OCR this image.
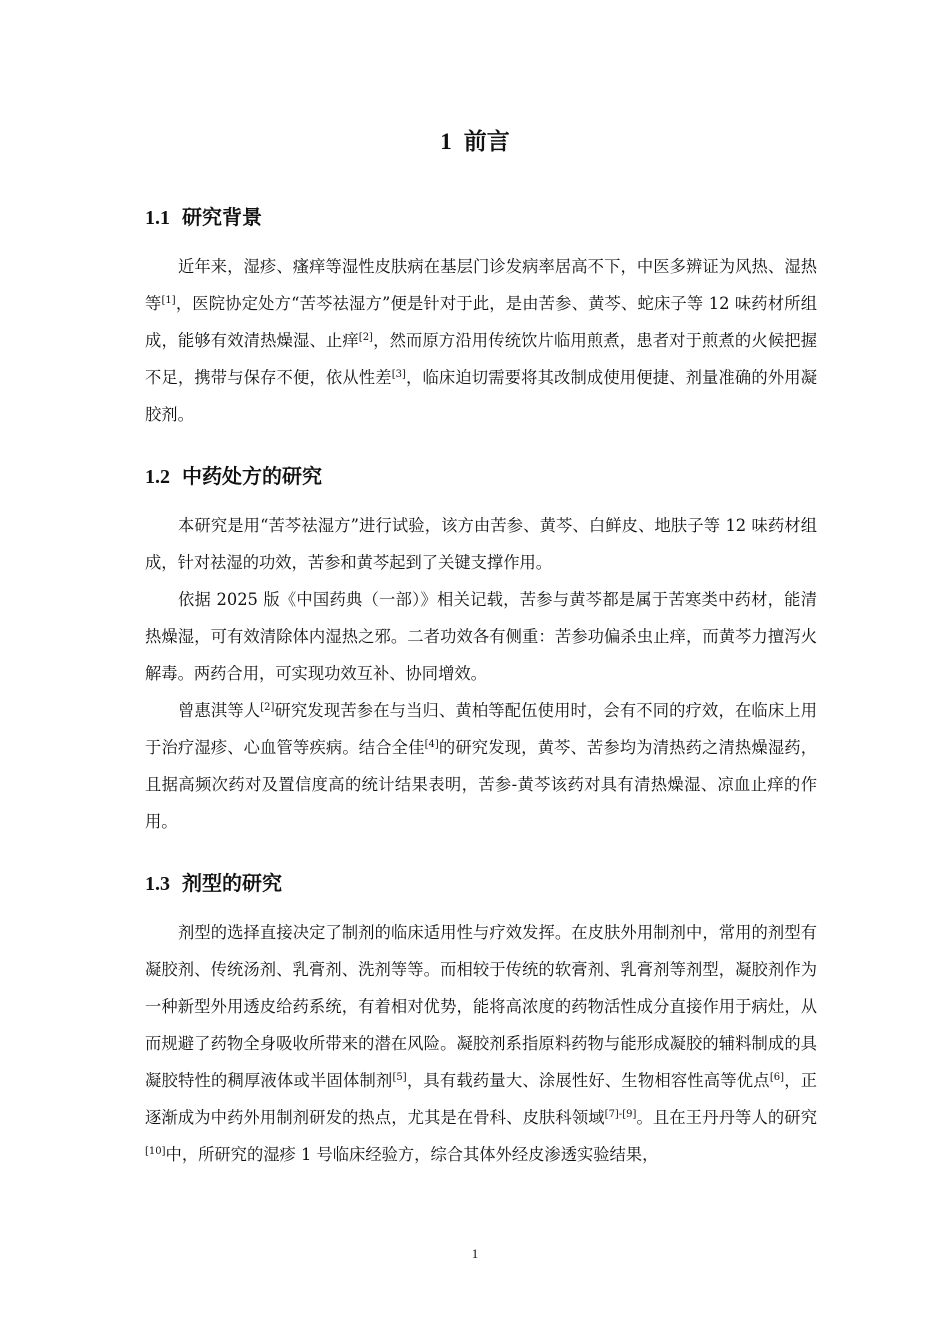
1 前言
1.1 研究背景

近年来，湿疹、瘙痒等湿性皮肤病在基层门诊发病率居高不下，中医多辨证为风热、湿热等[1]，医院协定处方“苦芩祛湿方”便是针对于此，是由苦参、黄芩、蛇床子等 12 味药材所组成，能够有效清热燥湿、止痒[2]，然而原方沿用传统饮片临用煎煮，患者对于煎煮的火候把握不足，携带与保存不便，依从性差[3]，临床迫切需要将其改制成使用便捷、剂量准确的外用凝胶剂。

1.2 中药处方的研究

本研究是用“苦芩祛湿方”进行试验，该方由苦参、黄芩、白鲜皮、地肤子等 12 味药材组成，针对祛湿的功效，苦参和黄芩起到了关键支撑作用。

依据 2025 版《中国药典（一部）》相关记载，苦参与黄芩都是属于苦寒类中药材，能清热燥湿，可有效清除体内湿热之邪。二者功效各有侧重：苦参功偏杀虫止痒，而黄芩力擅泻火解毒。两药合用，可实现功效互补、协同增效。

曾惠淇等人[2]研究发现苦参在与当归、黄柏等配伍使用时，会有不同的疗效，在临床上用于治疗湿疹、心血管等疾病。结合全佳[4]的研究发现，黄芩、苦参均为清热药之清热燥湿药，且据高频次药对及置信度高的统计结果表明，苦参-黄芩该药对具有清热燥湿、凉血止痒的作用。

1.3 剂型的研究

剂型的选择直接决定了制剂的临床适用性与疗效发挥。在皮肤外用制剂中，常用的剂型有凝胶剂、传统汤剂、乳膏剂、洗剂等等。而相较于传统的软膏剂、乳膏剂等剂型，凝胶剂作为一种新型外用透皮给药系统，有着相对优势，能将高浓度的药物活性成分直接作用于病灶，从而规避了药物全身吸收所带来的潜在风险。凝胶剂系指原料药物与能形成凝胶的辅料制成的具凝胶特性的稠厚液体或半固体制剂[5]，具有载药量大、涂展性好、生物相容性高等优点[6]，正逐渐成为中药外用制剂研发的热点，尤其是在骨科、皮肤科领域[7]-[9]。且在王丹丹等人的研究[10]中，所研究的湿疹 1 号临床经验方，综合其体外经皮渗透实验结果，

1
